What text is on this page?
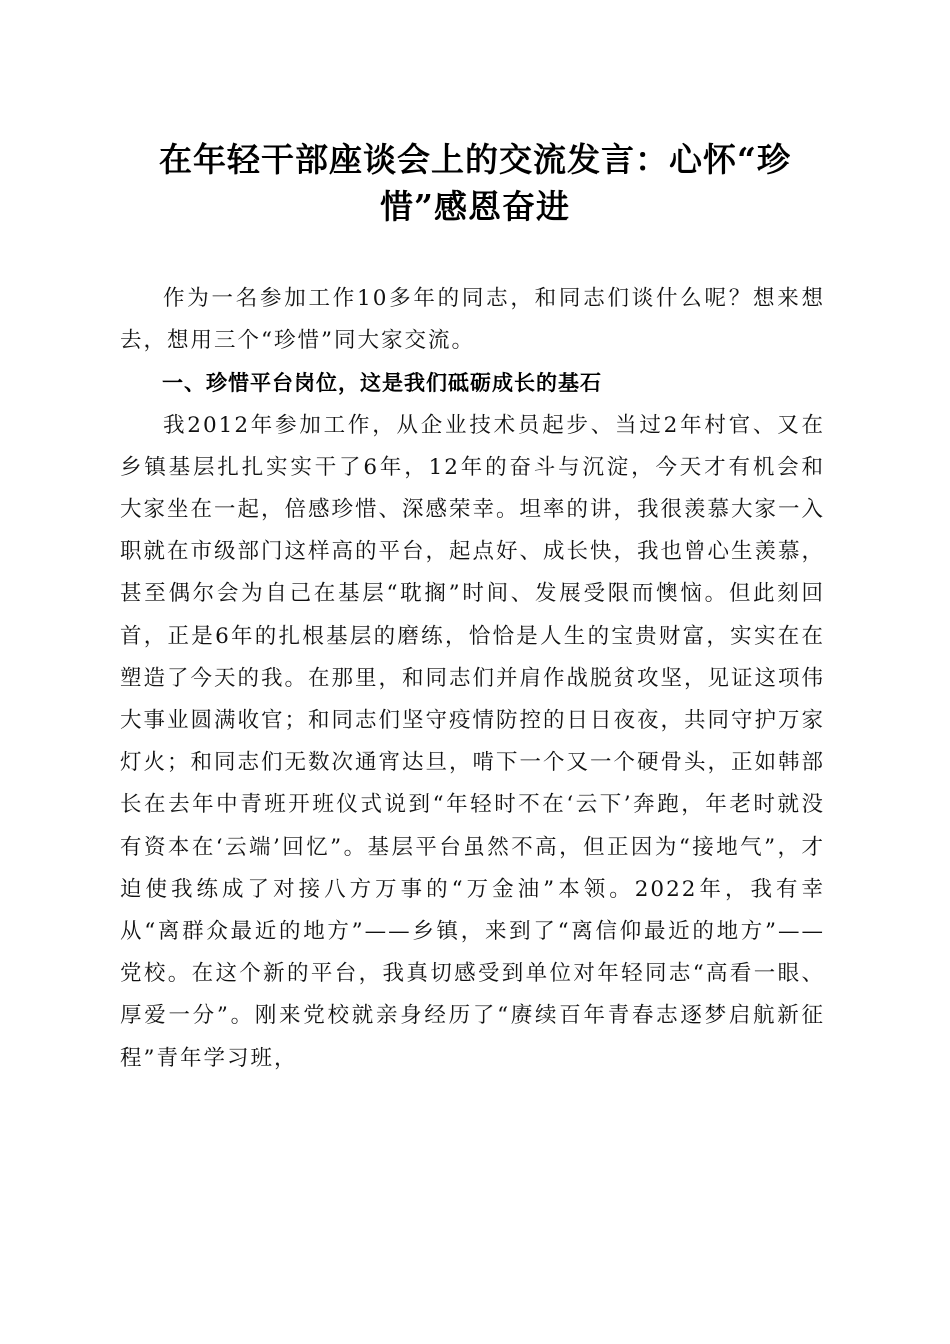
在年轻干部座谈会上的交流发言：心怀“珍惜”感恩奋进

作为一名参加工作10多年的同志，和同志们谈什么呢？想来想去，想用三个“珍惜”同大家交流。

一、珍惜平台岗位，这是我们砥砺成长的基石

我2012年参加工作，从企业技术员起步、当过2年村官、又在乡镇基层扎扎实实干了6年，12年的奋斗与沉淀，今天才有机会和大家坐在一起，倍感珍惜、深感荣幸。坦率的讲，我很羡慕大家一入职就在市级部门这样高的平台，起点好、成长快，我也曾心生羡慕，甚至偶尔会为自己在基层“耽搁”时间、发展受限而懊恼。但此刻回首，正是6年的扎根基层的磨练，恰恰是人生的宝贵财富，实实在在塑造了今天的我。在那里，和同志们并肩作战脱贫攻坚，见证这项伟大事业圆满收官；和同志们坚守疫情防控的日日夜夜，共同守护万家灯火；和同志们无数次通宵达旦，啃下一个又一个硬骨头，正如韩部长在去年中青班开班仪式说到“年轻时不在‘云下’奔跑，年老时就没有资本在‘云端’回忆”。基层平台虽然不高，但正因为“接地气”，才迫使我练成了对接八方万事的“万金油”本领。2022年，我有幸从“离群众最近的地方”——乡镇，来到了“离信仰最近的地方”——党校。在这个新的平台，我真切感受到单位对年轻同志“高看一眼、厚爱一分”。刚来党校就亲身经历了“赓续百年青春志逐梦启航新征程”青年学习班，
